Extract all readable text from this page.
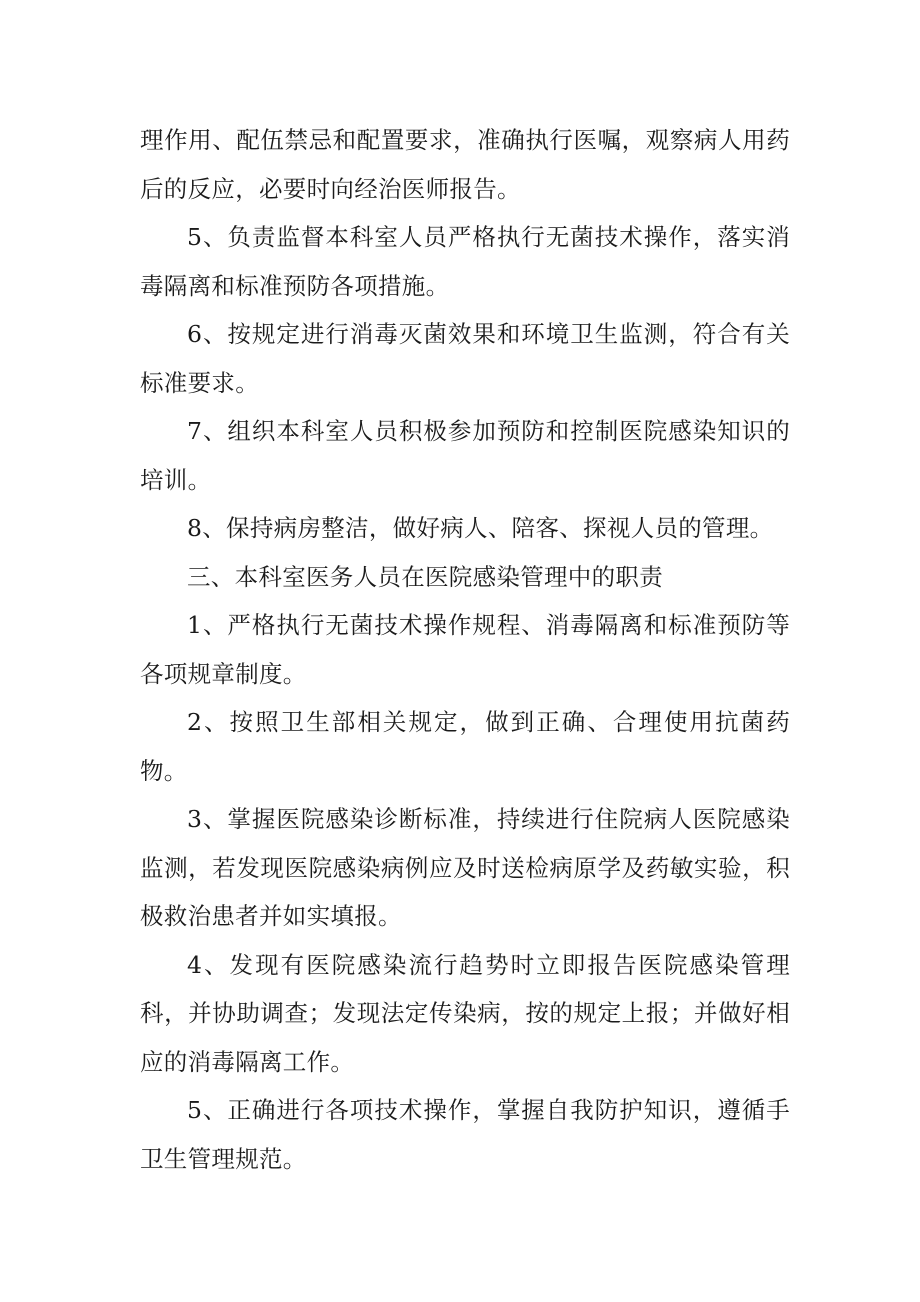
理作用、配伍禁忌和配置要求，准确执行医嘱，观察病人用药后的反应，必要时向经治医师报告。

5、负责监督本科室人员严格执行无菌技术操作，落实消毒隔离和标准预防各项措施。

6、按规定进行消毒灭菌效果和环境卫生监测，符合有关标准要求。

7、组织本科室人员积极参加预防和控制医院感染知识的培训。

8、保持病房整洁，做好病人、陪客、探视人员的管理。

三、本科室医务人员在医院感染管理中的职责

1、严格执行无菌技术操作规程、消毒隔离和标准预防等各项规章制度。

2、按照卫生部相关规定，做到正确、合理使用抗菌药物。

3、掌握医院感染诊断标准，持续进行住院病人医院感染监测，若发现医院感染病例应及时送检病原学及药敏实验，积极救治患者并如实填报。

4、发现有医院感染流行趋势时立即报告医院感染管理科，并协助调查；发现法定传染病，按的规定上报；并做好相应的消毒隔离工作。

5、正确进行各项技术操作，掌握自我防护知识，遵循手卫生管理规范。
